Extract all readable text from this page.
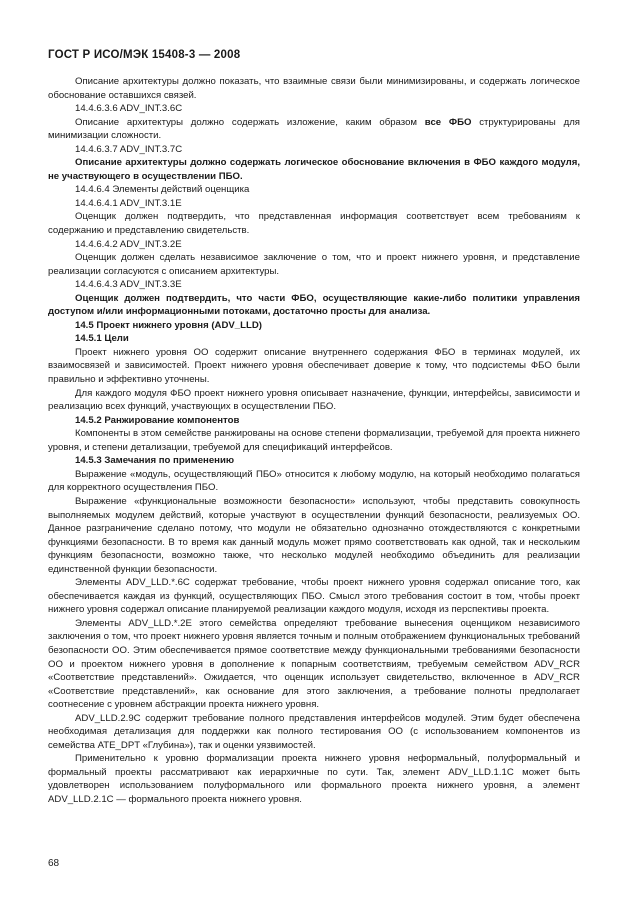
ГОСТ Р ИСО/МЭК 15408-3 — 2008

Описание архитектуры должно показать, что взаимные связи были минимизированы, и содержать логическое обоснование оставшихся связей.

14.4.6.3.6 ADV_INT.3.6C

Описание архитектуры должно содержать изложение, каким образом все ФБО структурированы для минимизации сложности.

14.4.6.3.7 ADV_INT.3.7C

Описание архитектуры должно содержать логическое обоснование включения в ФБО каждого модуля, не участвующего в осуществлении ПБО.

14.4.6.4 Элементы действий оценщика

14.4.6.4.1 ADV_INT.3.1E

Оценщик должен подтвердить, что представленная информация соответствует всем требованиям к содержанию и представлению свидетельств.

14.4.6.4.2 ADV_INT.3.2E

Оценщик должен сделать независимое заключение о том, что и проект нижнего уровня, и представление реализации согласуются с описанием архитектуры.

14.4.6.4.3 ADV_INT.3.3E

Оценщик должен подтвердить, что части ФБО, осуществляющие какие-либо политики управления доступом и/или информационными потоками, достаточно просты для анализа.

14.5 Проект нижнего уровня (ADV_LLD)

14.5.1 Цели

Проект нижнего уровня ОО содержит описание внутреннего содержания ФБО в терминах модулей, их взаимосвязей и зависимостей. Проект нижнего уровня обеспечивает доверие к тому, что подсистемы ФБО были правильно и эффективно уточнены.

Для каждого модуля ФБО проект нижнего уровня описывает назначение, функции, интерфейсы, зависимости и реализацию всех функций, участвующих в осуществлении ПБО.

14.5.2 Ранжирование компонентов

Компоненты в этом семействе ранжированы на основе степени формализации, требуемой для проекта нижнего уровня, и степени детализации, требуемой для спецификаций интерфейсов.

14.5.3 Замечания по применению

Выражение «модуль, осуществляющий ПБО» относится к любому модулю, на который необходимо полагаться для корректного осуществления ПБО.

Выражение «функциональные возможности безопасности» используют, чтобы представить совокупность выполняемых модулем действий, которые участвуют в осуществлении функций безопасности, реализуемых ОО. Данное разграничение сделано потому, что модули не обязательно однозначно отождествляются с конкретными функциями безопасности. В то время как данный модуль может прямо соответствовать как одной, так и нескольким функциям безопасности, возможно также, что несколько модулей необходимо объединить для реализации единственной функции безопасности.

Элементы ADV_LLD.*.6C содержат требование, чтобы проект нижнего уровня содержал описание того, как обеспечивается каждая из функций, осуществляющих ПБО. Смысл этого требования состоит в том, чтобы проект нижнего уровня содержал описание планируемой реализации каждого модуля, исходя из перспективы проекта.

Элементы ADV_LLD.*.2E этого семейства определяют требование вынесения оценщиком независимого заключения о том, что проект нижнего уровня является точным и полным отображением функциональных требований безопасности ОО. Этим обеспечивается прямое соответствие между функциональными требованиями безопасности ОО и проектом нижнего уровня в дополнение к попарным соответствиям, требуемым семейством ADV_RCR «Соответствие представлений». Ожидается, что оценщик использует свидетельство, включенное в ADV_RCR «Соответствие представлений», как основание для этого заключения, а требование полноты предполагает соотнесение с уровнем абстракции проекта нижнего уровня.

ADV_LLD.2.9C содержит требование полного представления интерфейсов модулей. Этим будет обеспечена необходимая детализация для поддержки как полного тестирования ОО (с использованием компонентов из семейства ATE_DPT «Глубина»), так и оценки уязвимостей.

Применительно к уровню формализации проекта нижнего уровня неформальный, полуформальный и формальный проекты рассматривают как иерархичные по сути. Так, элемент ADV_LLD.1.1C может быть удовлетворен использованием полуформального или формального проекта нижнего уровня, а элемент ADV_LLD.2.1C — формального проекта нижнего уровня.

68
